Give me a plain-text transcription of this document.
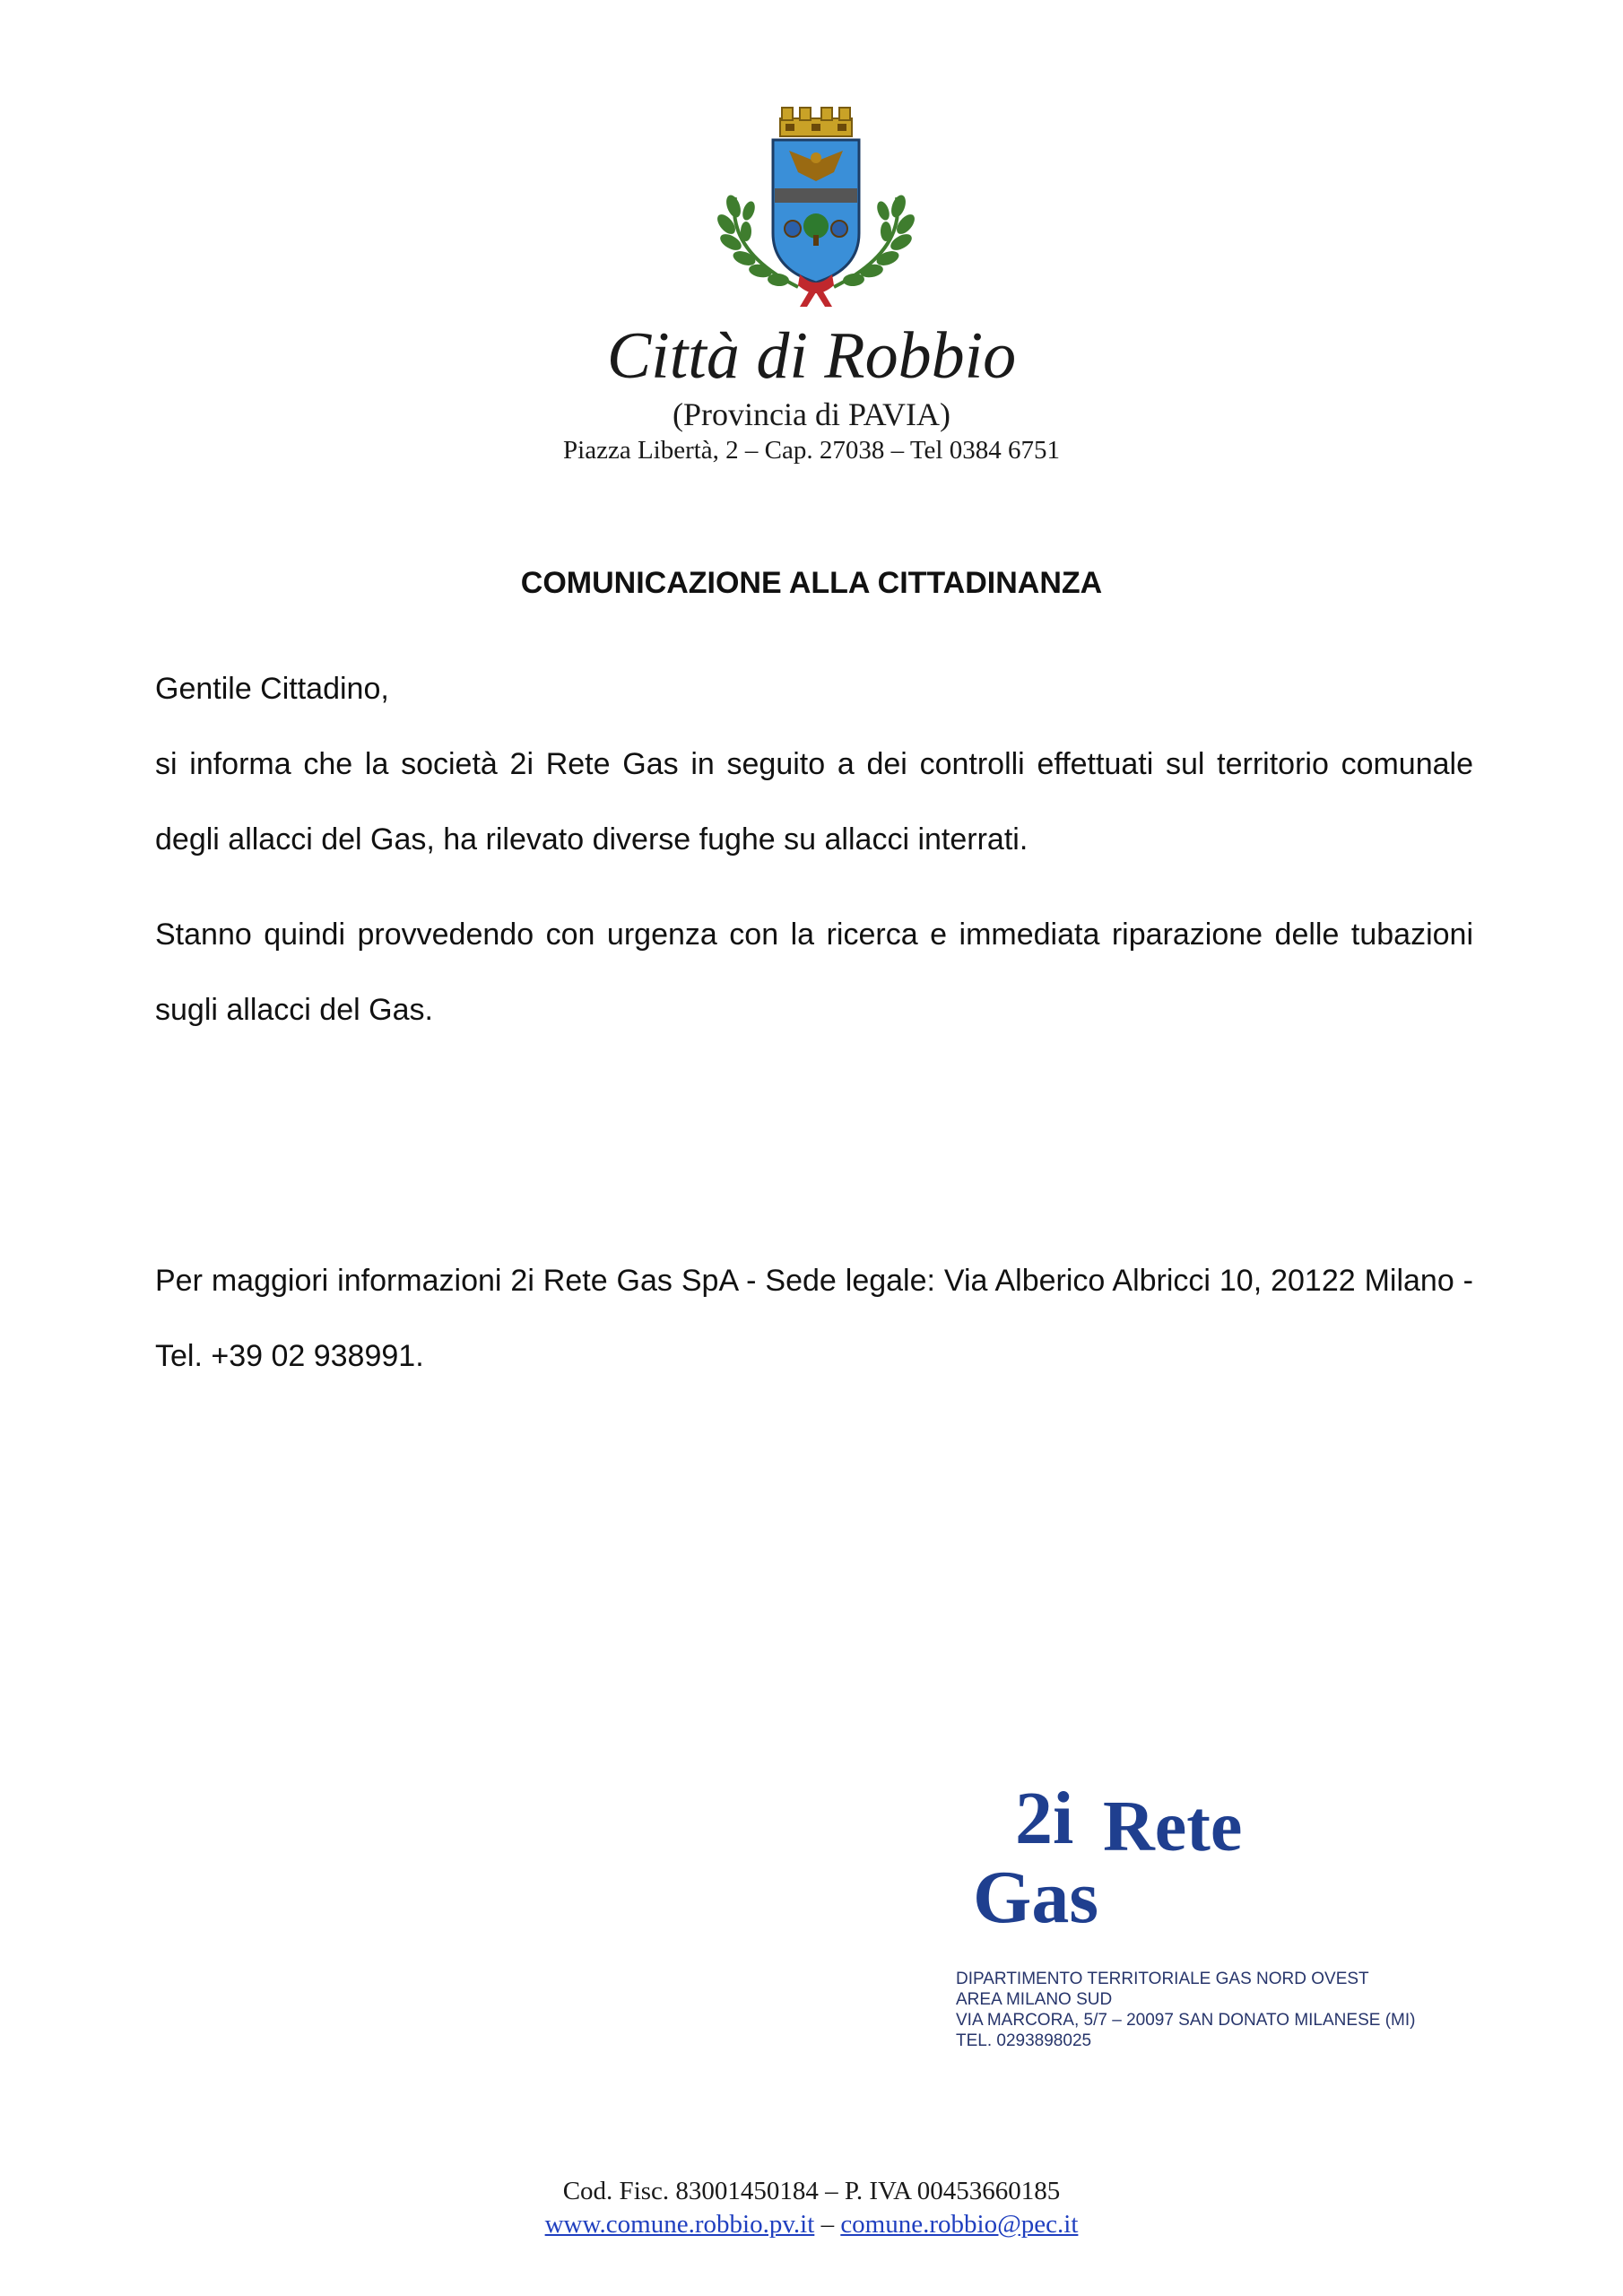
Città di Robbio
(Provincia di PAVIA)
Piazza Libertà, 2 – Cap. 27038 – Tel 0384 6751
COMUNICAZIONE ALLA CITTADINANZA
Gentile Cittadino,
si informa che la società 2i Rete Gas in seguito a dei controlli effettuati sul territorio comunale degli allacci del Gas, ha rilevato diverse fughe su allacci interrati.
Stanno quindi provvedendo con urgenza con la ricerca e immediata riparazione delle tubazioni sugli allacci del Gas.
Per maggiori informazioni 2i Rete Gas SpA - Sede legale: Via Alberico Albricci 10, 20122 Milano - Tel. +39 02 938991.
2i Rete
Gas
DIPARTIMENTO TERRITORIALE GAS NORD OVEST
AREA MILANO SUD
VIA MARCORA, 5/7 – 20097 SAN DONATO MILANESE (MI)
TEL. 0293898025
Cod. Fisc. 83001450184 – P. IVA 00453660185
www.comune.robbio.pv.it – comune.robbio@pec.it
